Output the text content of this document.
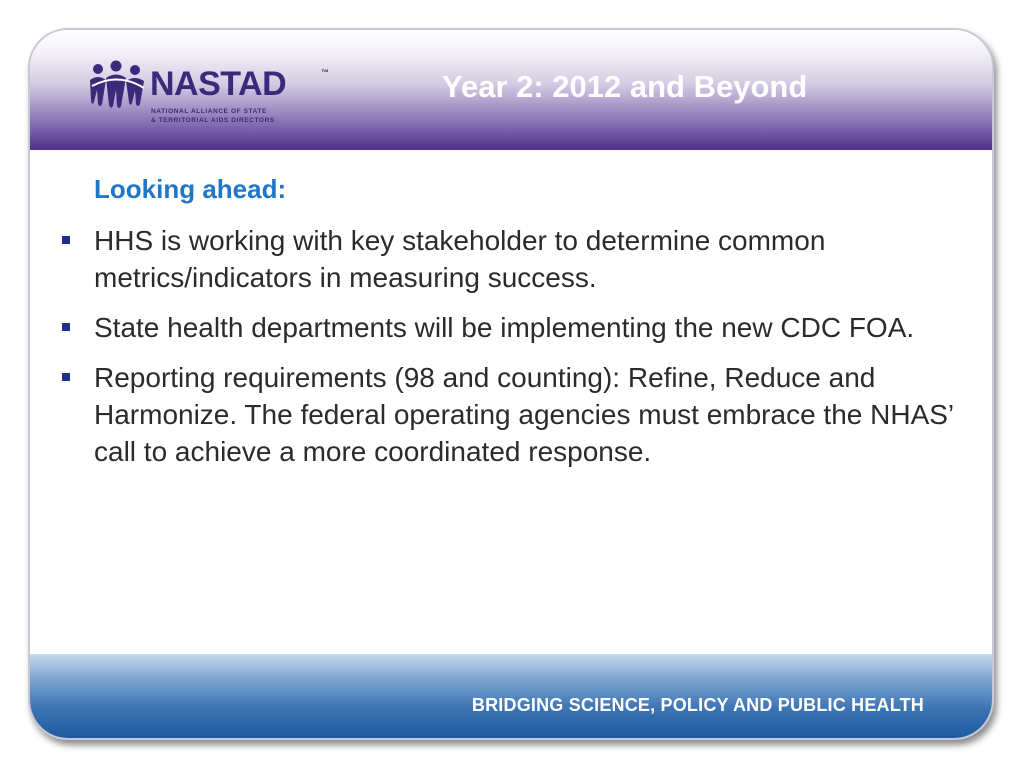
NASTAD	™
NATIONAL ALLIANCE OF STATE
& TERRITORIAL AIDS DIRECTORS
Year 2: 2012 and Beyond
Looking ahead:
HHS is working with key stakeholder to determine common metrics/indicators in measuring success.
State health departments will be implementing the new CDC FOA.
Reporting requirements (98 and counting): Refine, Reduce and Harmonize. The federal operating agencies must embrace the NHAS’ call to achieve a more coordinated response.
BRIDGING SCIENCE, POLICY AND PUBLIC HEALTH
